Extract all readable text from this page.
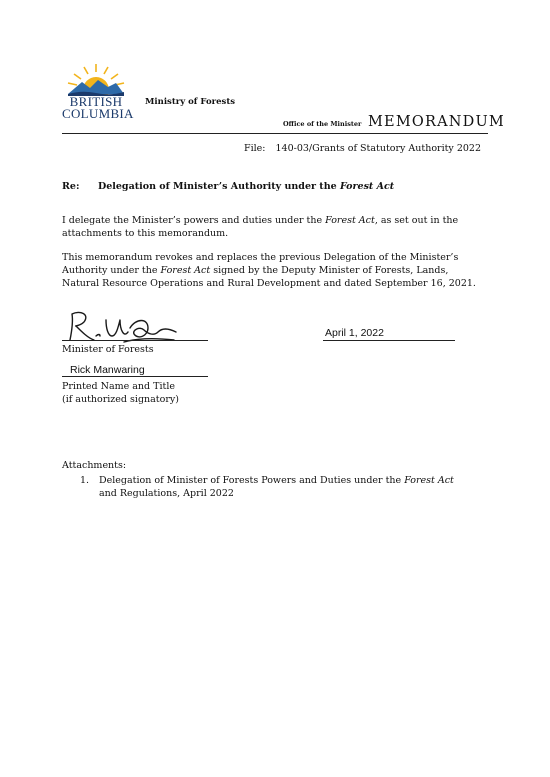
BRITISH
COLUMBIA
Ministry of Forests
Office of the Minister MEMORANDUM
File: 140-03/Grants of Statutory Authority 2022
Re: Delegation of Minister’s Authority under the Forest Act
I delegate the Minister’s powers and duties under the Forest Act, as set out in the attachments to this memorandum.
This memorandum revokes and replaces the previous Delegation of the Minister’s Authority under the Forest Act signed by the Deputy Minister of Forests, Lands, Natural Resource Operations and Rural Development and dated September 16, 2021.
Minister of Forests
April 1, 2022
Rick Manwaring
Printed Name and Title
(if authorized signatory)
Attachments:
1. Delegation of Minister of Forests Powers and Duties under the Forest Act and Regulations, April 2022
